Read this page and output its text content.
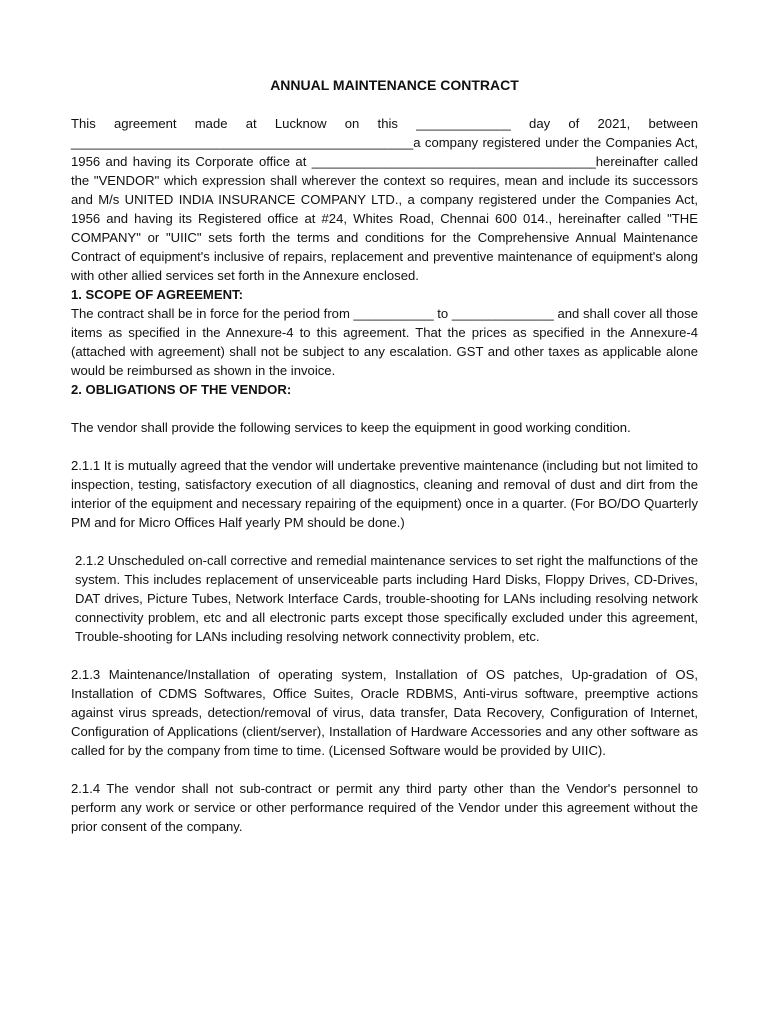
ANNUAL MAINTENANCE CONTRACT

This agreement made at Lucknow on this _____________ day of 2021, between _______________________________________________a company registered under the Companies Act, 1956 and having its Corporate office at _______________________________________hereinafter called the "VENDOR" which expression shall wherever the context so requires, mean and include its successors and M/s UNITED INDIA INSURANCE COMPANY LTD., a company registered under the Companies Act, 1956 and having its Registered office at #24, Whites Road, Chennai 600 014., hereinafter called "THE COMPANY" or "UIIC" sets forth the terms and conditions for the Comprehensive Annual Maintenance Contract of equipment's inclusive of repairs, replacement and preventive maintenance of equipment's along with other allied services set forth in the Annexure enclosed.

1. SCOPE OF AGREEMENT:

The contract shall be in force for the period from ___________ to ______________ and shall cover all those items as specified in the Annexure-4 to this agreement. That the prices as specified in the Annexure-4 (attached with agreement) shall not be subject to any escalation. GST and other taxes as applicable alone would be reimbursed as shown in the invoice.

2. OBLIGATIONS OF THE VENDOR:

The vendor shall provide the following services to keep the equipment in good working condition.

2.1.1 It is mutually agreed that the vendor will undertake preventive maintenance (including but not limited to inspection, testing, satisfactory execution of all diagnostics, cleaning and removal of dust and dirt from the interior of the equipment and necessary repairing of the equipment) once in a quarter. (For BO/DO Quarterly PM and for Micro Offices Half yearly PM should be done.)

2.1.2 Unscheduled on-call corrective and remedial maintenance services to set right the malfunctions of the system. This includes replacement of unserviceable parts including Hard Disks, Floppy Drives, CD-Drives, DAT drives, Picture Tubes, Network Interface Cards, trouble-shooting for LANs including resolving network connectivity problem, etc and all electronic parts except those specifically excluded under this agreement, Trouble-shooting for LANs including resolving network connectivity problem, etc.

2.1.3 Maintenance/Installation of operating system, Installation of OS patches, Up-gradation of OS, Installation of CDMS Softwares, Office Suites, Oracle RDBMS, Anti-virus software, preemptive actions against virus spreads, detection/removal of virus, data transfer, Data Recovery, Configuration of Internet, Configuration of Applications (client/server), Installation of Hardware Accessories and any other software as called for by the company from time to time. (Licensed Software would be provided by UIIC).

2.1.4 The vendor shall not sub-contract or permit any third party other than the Vendor's personnel to perform any work or service or other performance required of the Vendor under this agreement without the prior consent of the company.
